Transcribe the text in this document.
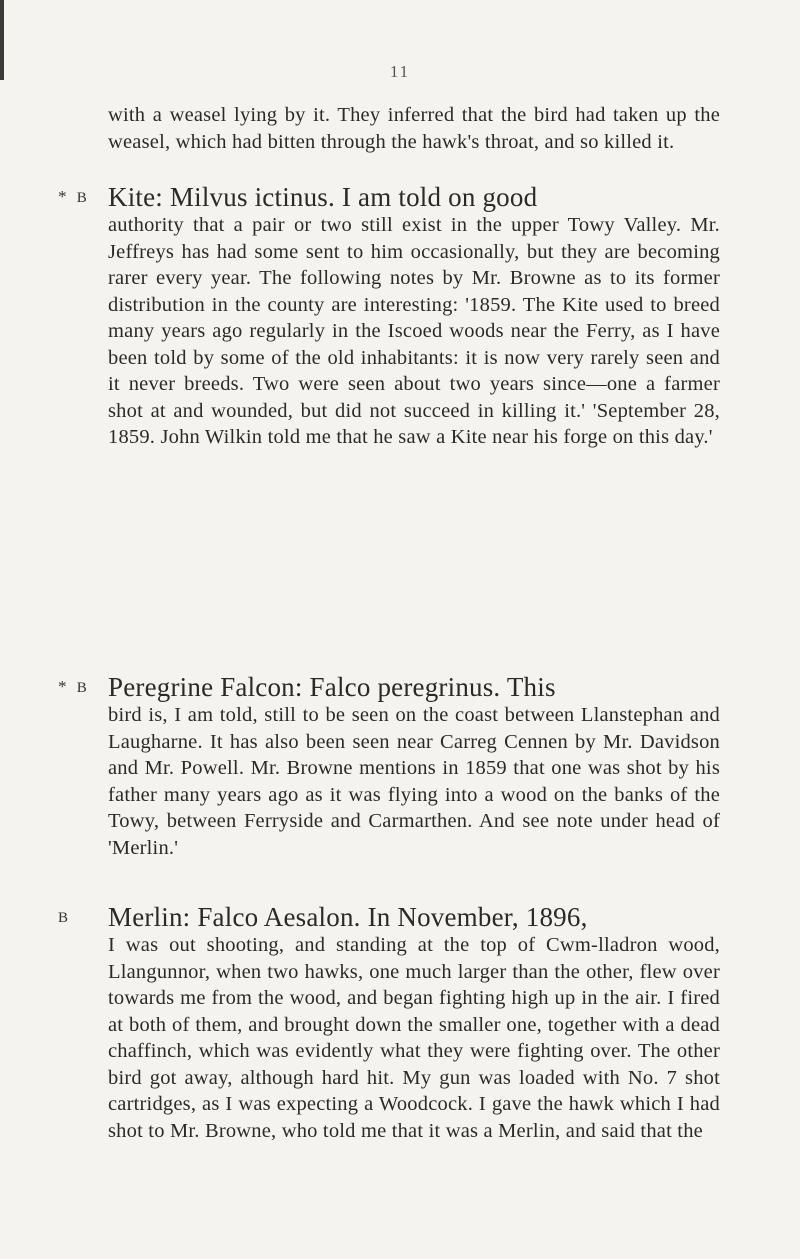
11
with a weasel lying by it. They inferred that the bird had taken up the weasel, which had bitten through the hawk's throat, and so killed it.
* B Kite: Milvus ictinus. I am told on good
authority that a pair or two still exist in the upper Towy Valley. Mr. Jeffreys has had some sent to him occasionally, but they are becoming rarer every year. The following notes by Mr. Browne as to its former distribution in the county are interesting: '1859. The Kite used to breed many years ago regularly in the Iscoed woods near the Ferry, as I have been told by some of the old inhabitants: it is now very rarely seen and it never breeds. Two were seen about two years since—one a farmer shot at and wounded, but did not succeed in killing it.' 'September 28, 1859. John Wilkin told me that he saw a Kite near his forge on this day.'
* B Peregrine Falcon: Falco peregrinus. This
bird is, I am told, still to be seen on the coast between Llanstephan and Laugharne. It has also been seen near Carreg Cennen by Mr. Davidson and Mr. Powell. Mr. Browne mentions in 1859 that one was shot by his father many years ago as it was flying into a wood on the banks of the Towy, between Ferryside and Carmarthen. And see note under head of 'Merlin.'
B Merlin: Falco Aesalon. In November, 1896,
I was out shooting, and standing at the top of Cwm-lladron wood, Llangunnor, when two hawks, one much larger than the other, flew over towards me from the wood, and began fighting high up in the air. I fired at both of them, and brought down the smaller one, together with a dead chaffinch, which was evidently what they were fighting over. The other bird got away, although hard hit. My gun was loaded with No. 7 shot cartridges, as I was expecting a Woodcock. I gave the hawk which I had shot to Mr. Browne, who told me that it was a Merlin, and said that the
